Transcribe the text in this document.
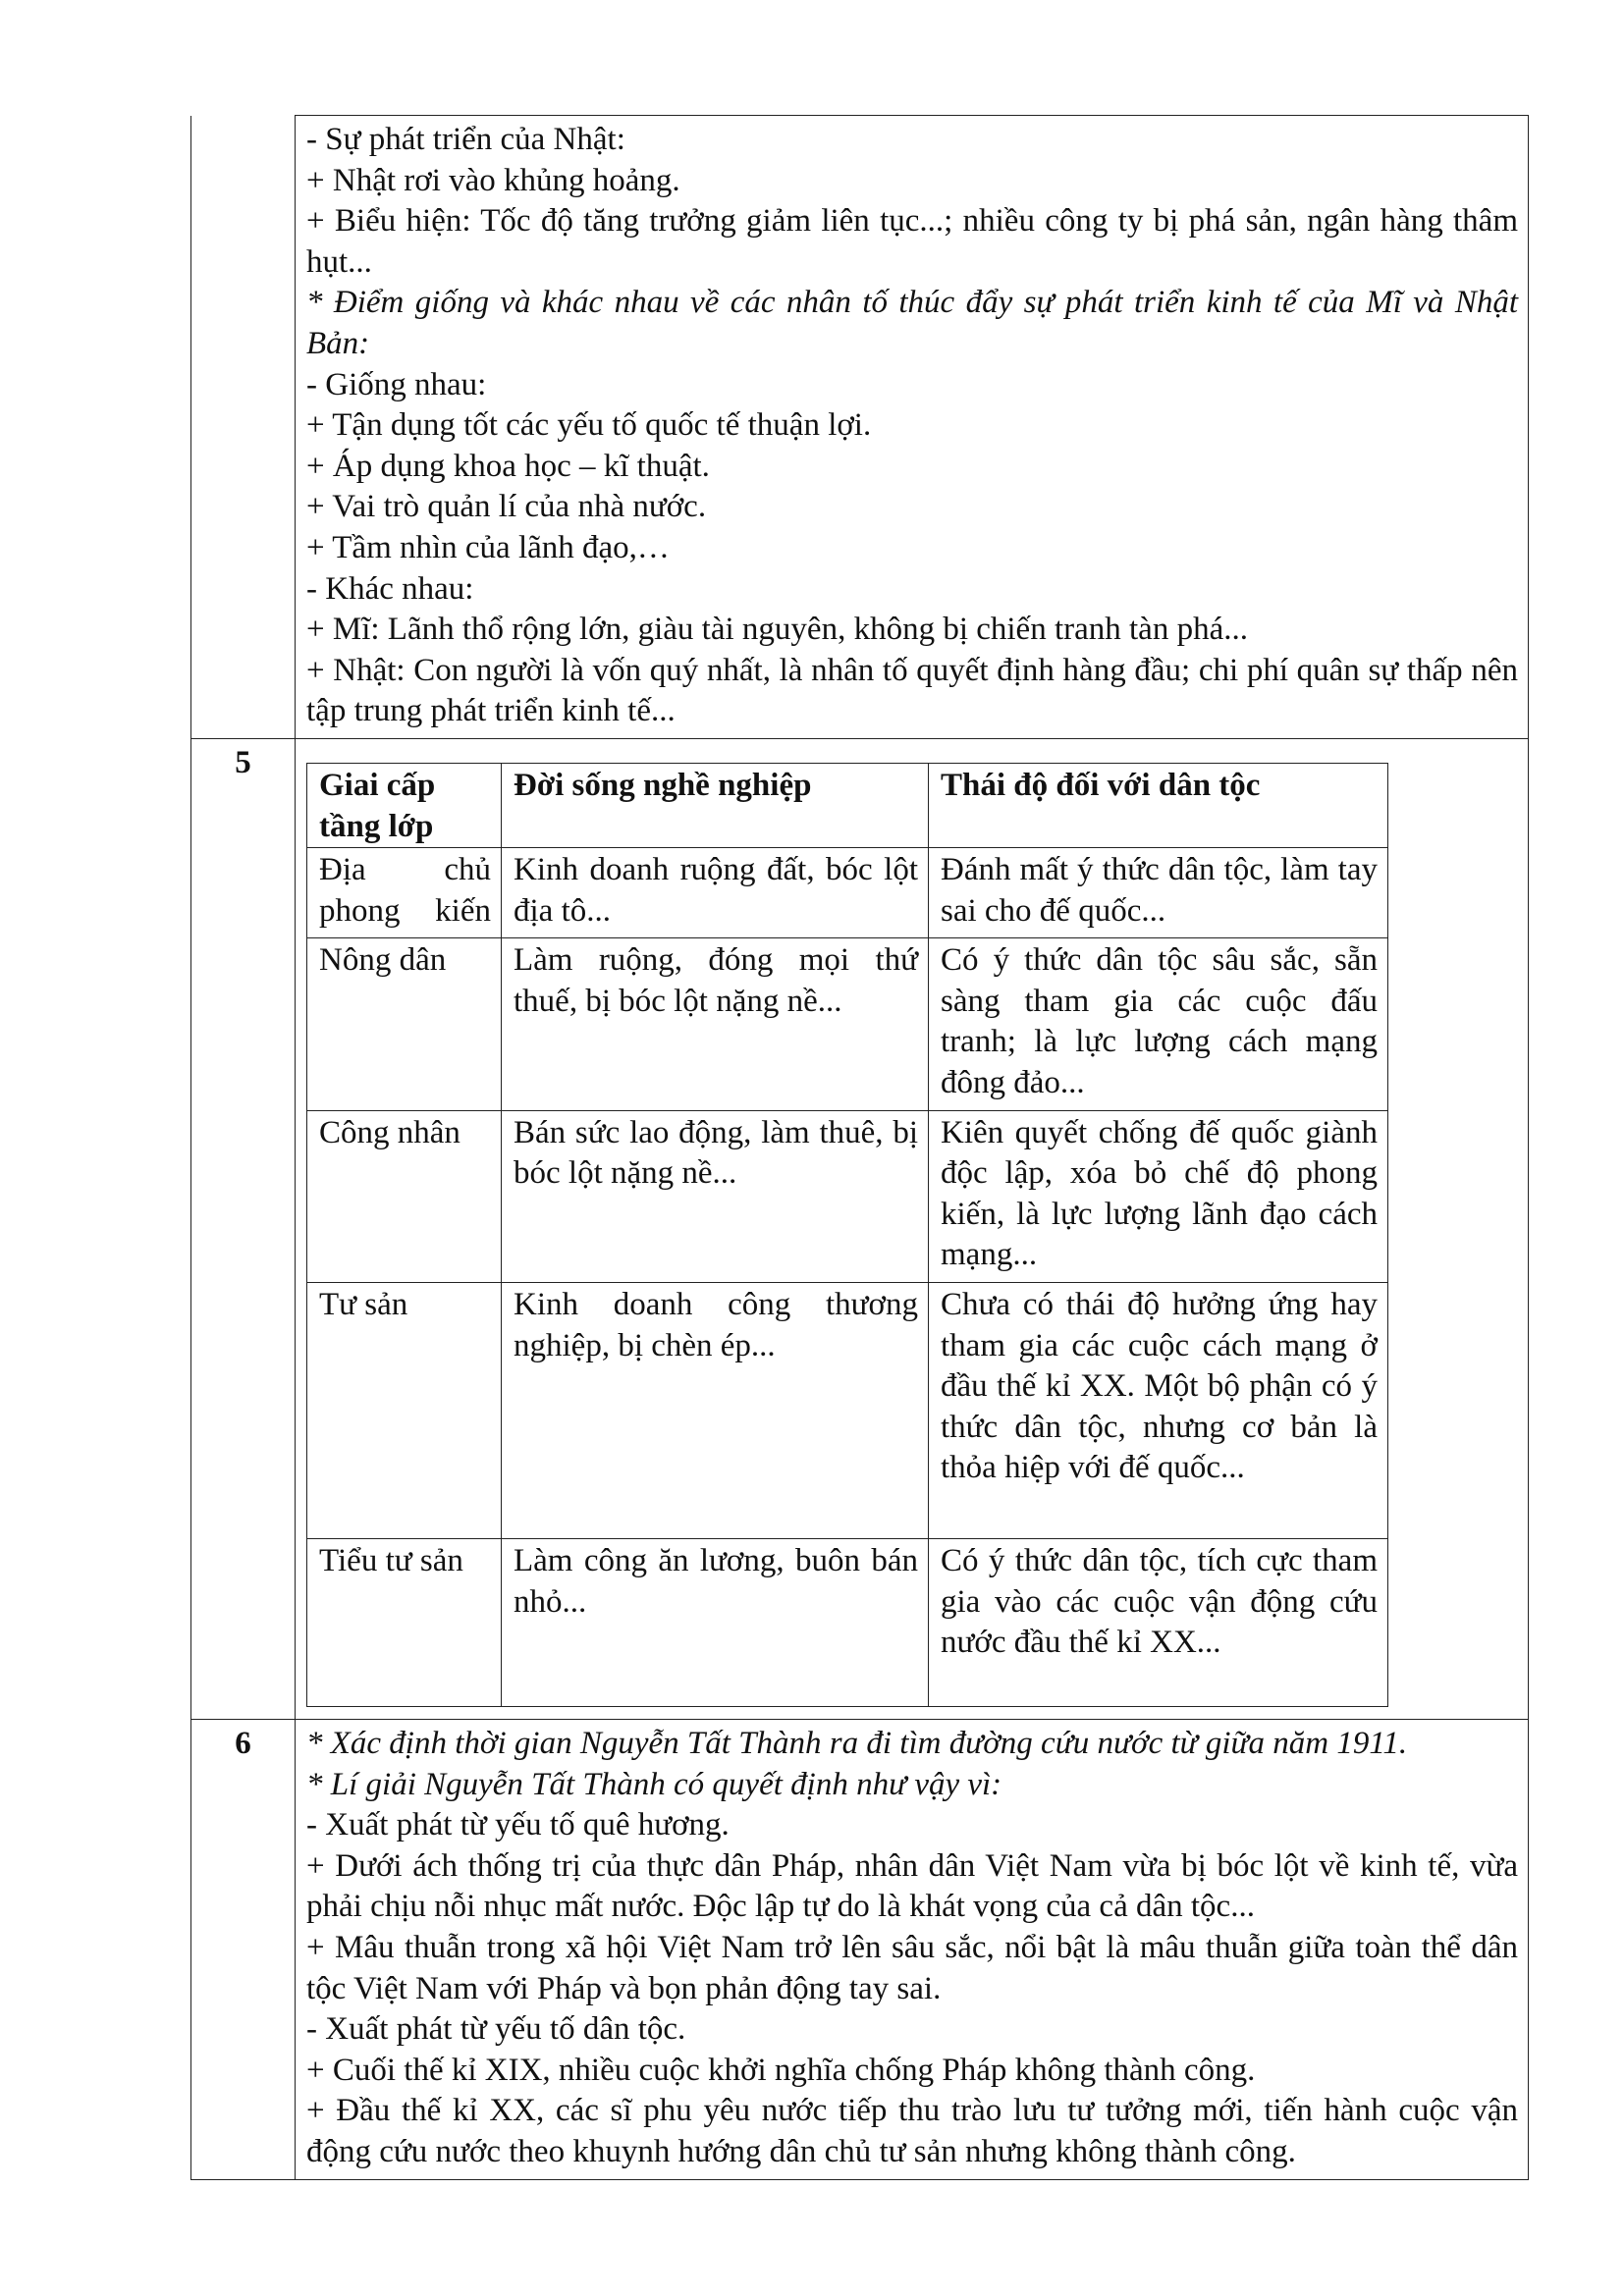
- Sự phát triển của Nhật:
+ Nhật rơi vào khủng hoảng.
+ Biểu hiện: Tốc độ tăng trưởng giảm liên tục...; nhiều công ty bị phá sản, ngân hàng thâm hụt...
* Điểm giống và khác nhau về các nhân tố thúc đẩy sự phát triển kinh tế của Mĩ và Nhật Bản:
- Giống nhau:
+ Tận dụng tốt các yếu tố quốc tế thuận lợi.
+ Áp dụng khoa học – kĩ thuật.
+ Vai trò quản lí của nhà nước.
+ Tầm nhìn của lãnh đạo,…
- Khác nhau:
+ Mĩ: Lãnh thổ rộng lớn, giàu tài nguyên, không bị chiến tranh tàn phá...
+ Nhật: Con người là vốn quý nhất, là nhân tố quyết định hàng đầu; chi phí quân sự thấp nên tập trung phát triển kinh tế...

5	
Giai cấp tầng lớp	Đời sống nghề nghiệp	Thái độ đối với dân tộc
Địa chủ phong kiến	Kinh doanh ruộng đất, bóc lột địa tô...	Đánh mất ý thức dân tộc, làm tay sai cho đế quốc...
Nông dân	Làm ruộng, đóng mọi thứ thuế, bị bóc lột nặng nề...	Có ý thức dân tộc sâu sắc, sẵn sàng tham gia các cuộc đấu tranh; là lực lượng cách mạng đông đảo...
Công nhân	Bán sức lao động, làm thuê, bị bóc lột nặng nề...	Kiên quyết chống đế quốc giành độc lập, xóa bỏ chế độ phong kiến, là lực lượng lãnh đạo cách mạng...
Tư sản	Kinh doanh công thương nghiệp, bị chèn ép...	Chưa có thái độ hưởng ứng hay tham gia các cuộc cách mạng ở đầu thế kỉ XX. Một bộ phận có ý thức dân tộc, nhưng cơ bản là thỏa hiệp với đế quốc...
Tiểu tư sản	Làm công ăn lương, buôn bán nhỏ...	Có ý thức dân tộc, tích cực tham gia vào các cuộc vận động cứu nước đầu thế kỉ XX...

6	* Xác định thời gian Nguyễn Tất Thành ra đi tìm đường cứu nước từ giữa năm 1911.
* Lí giải Nguyễn Tất Thành có quyết định như vậy vì:
- Xuất phát từ yếu tố quê hương.
+ Dưới ách thống trị của thực dân Pháp, nhân dân Việt Nam vừa bị bóc lột về kinh tế, vừa phải chịu nỗi nhục mất nước. Độc lập tự do là khát vọng của cả dân tộc...
+ Mâu thuẫn trong xã hội Việt Nam trở lên sâu sắc, nổi bật là mâu thuẫn giữa toàn thể dân tộc Việt Nam với Pháp và bọn phản động tay sai.
- Xuất phát từ yếu tố dân tộc.
+ Cuối thế kỉ XIX, nhiều cuộc khởi nghĩa chống Pháp không thành công.
+ Đầu thế kỉ XX, các sĩ phu yêu nước tiếp thu trào lưu tư tưởng mới, tiến hành cuộc vận động cứu nước theo khuynh hướng dân chủ tư sản nhưng không thành công.
